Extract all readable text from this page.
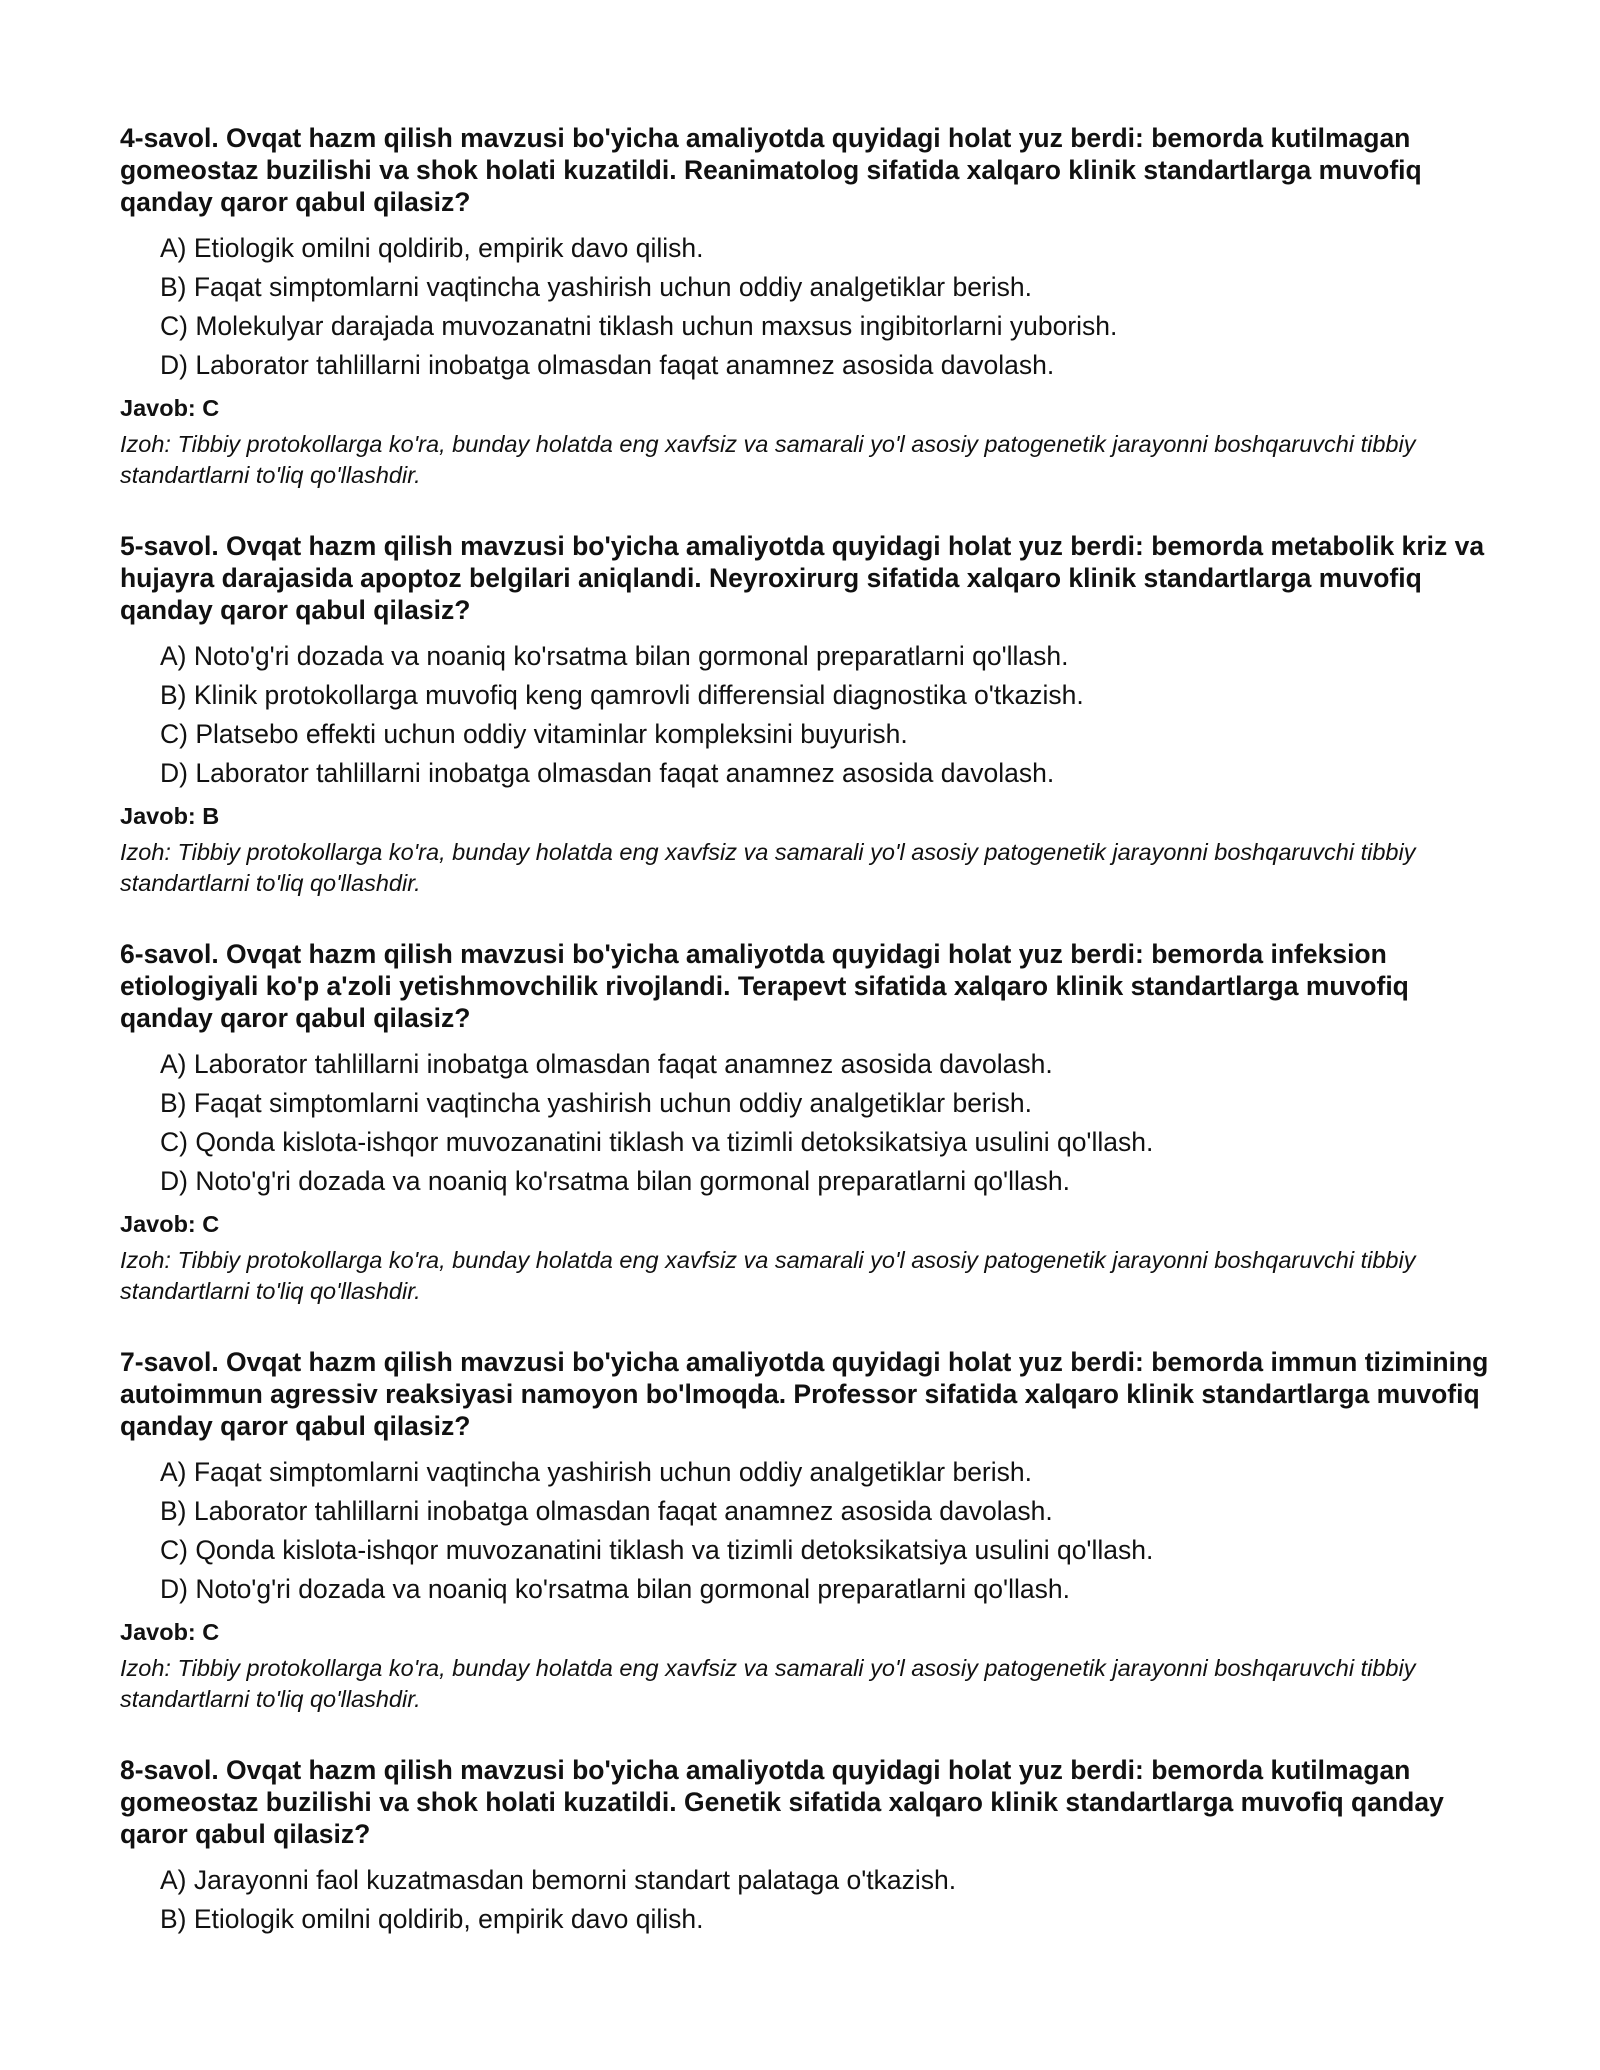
4-savol. Ovqat hazm qilish mavzusi bo'yicha amaliyotda quyidagi holat yuz berdi: bemorda kutilmagan gomeostaz buzilishi va shok holati kuzatildi. Reanimatolog sifatida xalqaro klinik standartlarga muvofiq qanday qaror qabul qilasiz?

A) Etiologik omilni qoldirib, empirik davo qilish.
B) Faqat simptomlarni vaqtincha yashirish uchun oddiy analgetiklar berish.
C) Molekulyar darajada muvozanatni tiklash uchun maxsus ingibitorlarni yuborish.
D) Laborator tahlillarni inobatga olmasdan faqat anamnez asosida davolash.

Javob: C

Izoh: Tibbiy protokollarga ko'ra, bunday holatda eng xavfsiz va samarali yo'l asosiy patogenetik jarayonni boshqaruvchi tibbiy standartlarni to'liq qo'llashdir.

5-savol. Ovqat hazm qilish mavzusi bo'yicha amaliyotda quyidagi holat yuz berdi: bemorda metabolik kriz va hujayra darajasida apoptoz belgilari aniqlandi. Neyroxirurg sifatida xalqaro klinik standartlarga muvofiq qanday qaror qabul qilasiz?

A) Noto'g'ri dozada va noaniq ko'rsatma bilan gormonal preparatlarni qo'llash.
B) Klinik protokollarga muvofiq keng qamrovli differensial diagnostika o'tkazish.
C) Platsebo effekti uchun oddiy vitaminlar kompleksini buyurish.
D) Laborator tahlillarni inobatga olmasdan faqat anamnez asosida davolash.

Javob: B

Izoh: Tibbiy protokollarga ko'ra, bunday holatda eng xavfsiz va samarali yo'l asosiy patogenetik jarayonni boshqaruvchi tibbiy standartlarni to'liq qo'llashdir.

6-savol. Ovqat hazm qilish mavzusi bo'yicha amaliyotda quyidagi holat yuz berdi: bemorda infeksion etiologiyali ko'p a'zoli yetishmovchilik rivojlandi. Terapevt sifatida xalqaro klinik standartlarga muvofiq qanday qaror qabul qilasiz?

A) Laborator tahlillarni inobatga olmasdan faqat anamnez asosida davolash.
B) Faqat simptomlarni vaqtincha yashirish uchun oddiy analgetiklar berish.
C) Qonda kislota-ishqor muvozanatini tiklash va tizimli detoksikatsiya usulini qo'llash.
D) Noto'g'ri dozada va noaniq ko'rsatma bilan gormonal preparatlarni qo'llash.

Javob: C

Izoh: Tibbiy protokollarga ko'ra, bunday holatda eng xavfsiz va samarali yo'l asosiy patogenetik jarayonni boshqaruvchi tibbiy standartlarni to'liq qo'llashdir.

7-savol. Ovqat hazm qilish mavzusi bo'yicha amaliyotda quyidagi holat yuz berdi: bemorda immun tizimining autoimmun agressiv reaksiyasi namoyon bo'lmoqda. Professor sifatida xalqaro klinik standartlarga muvofiq qanday qaror qabul qilasiz?

A) Faqat simptomlarni vaqtincha yashirish uchun oddiy analgetiklar berish.
B) Laborator tahlillarni inobatga olmasdan faqat anamnez asosida davolash.
C) Qonda kislota-ishqor muvozanatini tiklash va tizimli detoksikatsiya usulini qo'llash.
D) Noto'g'ri dozada va noaniq ko'rsatma bilan gormonal preparatlarni qo'llash.

Javob: C

Izoh: Tibbiy protokollarga ko'ra, bunday holatda eng xavfsiz va samarali yo'l asosiy patogenetik jarayonni boshqaruvchi tibbiy standartlarni to'liq qo'llashdir.

8-savol. Ovqat hazm qilish mavzusi bo'yicha amaliyotda quyidagi holat yuz berdi: bemorda kutilmagan gomeostaz buzilishi va shok holati kuzatildi. Genetik sifatida xalqaro klinik standartlarga muvofiq qanday qaror qabul qilasiz?

A) Jarayonni faol kuzatmasdan bemorni standart palataga o'tkazish.
B) Etiologik omilni qoldirib, empirik davo qilish.
